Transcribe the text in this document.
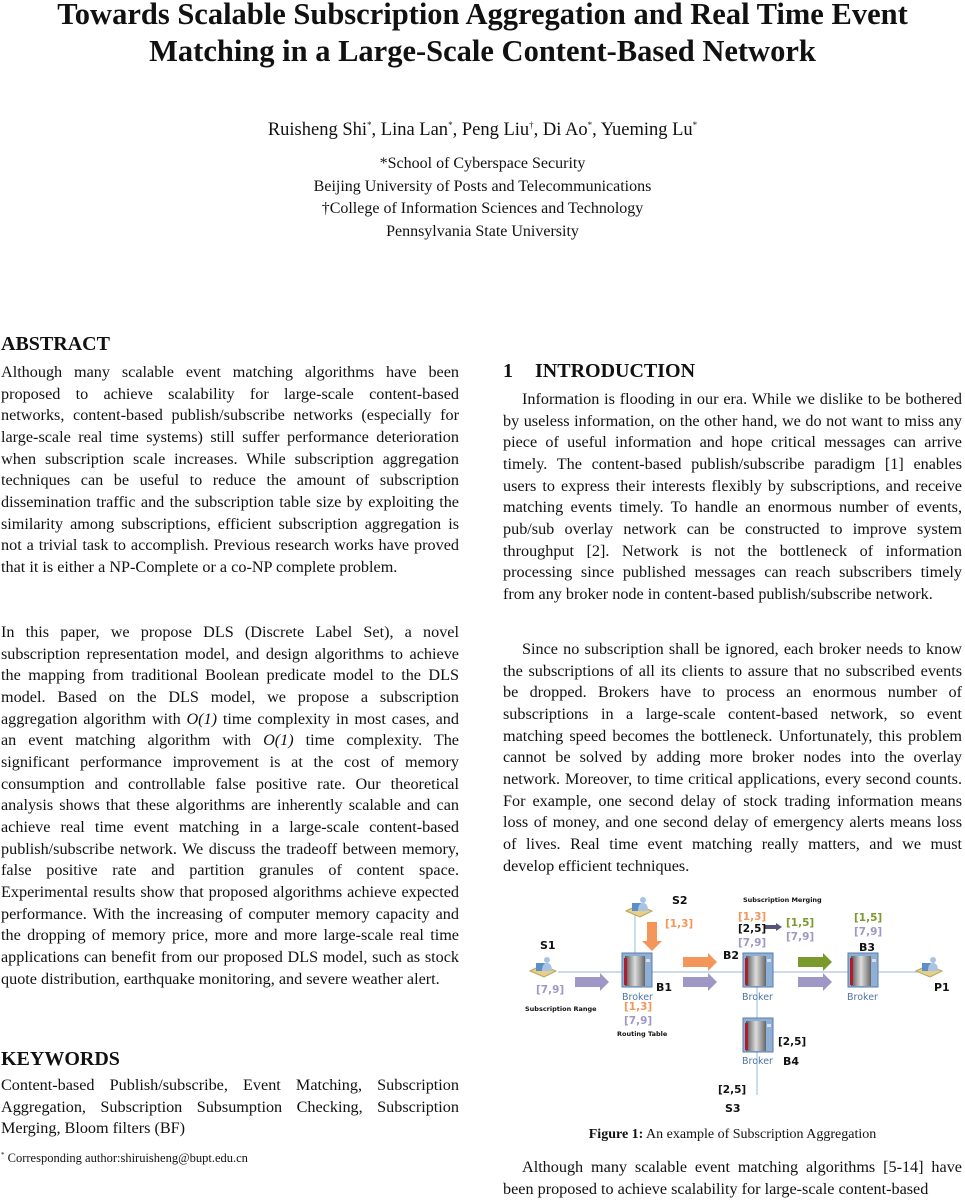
Towards Scalable Subscription Aggregation and Real Time Event
Matching in a Large-Scale Content-Based Network
Ruisheng Shi*, Lina Lan*, Peng Liu†, Di Ao*, Yueming Lu*
*School of Cyberspace Security
Beijing University of Posts and Telecommunications
†College of Information Sciences and Technology
Pennsylvania State University
ABSTRACT
Although many scalable event matching algorithms have been proposed to achieve scalability for large-scale content-based networks, content-based publish/subscribe networks (especially for large-scale real time systems) still suffer performance deterioration when subscription scale increases. While subscription aggregation techniques can be useful to reduce the amount of subscription dissemination traffic and the subscription table size by exploiting the similarity among subscriptions, efficient subscription aggregation is not a trivial task to accomplish. Previous research works have proved that it is either a NP-Complete or a co-NP complete problem.
In this paper, we propose DLS (Discrete Label Set), a novel subscription representation model, and design algorithms to achieve the mapping from traditional Boolean predicate model to the DLS model. Based on the DLS model, we propose a subscription aggregation algorithm with O(1) time complexity in most cases, and an event matching algorithm with O(1) time complexity. The significant performance improvement is at the cost of memory consumption and controllable false positive rate. Our theoretical analysis shows that these algorithms are inherently scalable and can achieve real time event matching in a large-scale content-based publish/subscribe network. We discuss the tradeoff between memory, false positive rate and partition granules of content space. Experimental results show that proposed algorithms achieve expected performance. With the increasing of computer memory capacity and the dropping of memory price, more and more large-scale real time applications can benefit from our proposed DLS model, such as stock quote distribution, earthquake monitoring, and severe weather alert.
KEYWORDS
Content-based Publish/subscribe, Event Matching, Subscription Aggregation, Subscription Subsumption Checking, Subscription Merging, Bloom filters (BF)
* Corresponding author:shiruisheng@bupt.edu.cn
1 INTRODUCTION
Information is flooding in our era. While we dislike to be bothered by useless information, on the other hand, we do not want to miss any piece of useful information and hope critical messages can arrive timely. The content-based publish/subscribe paradigm [1] enables users to express their interests flexibly by subscriptions, and receive matching events timely. To handle an enormous number of events, pub/sub overlay network can be constructed to improve system throughput [2]. Network is not the bottleneck of information processing since published messages can reach subscribers timely from any broker node in content-based publish/subscribe network.
Since no subscription shall be ignored, each broker needs to know the subscriptions of all its clients to assure that no subscribed events be dropped. Brokers have to process an enormous number of subscriptions in a large-scale content-based network, so event matching speed becomes the bottleneck. Unfortunately, this problem cannot be solved by adding more broker nodes into the overlay network. Moreover, to time critical applications, every second counts. For example, one second delay of stock trading information means loss of money, and one second delay of emergency alerts means loss of lives. Real time event matching really matters, and we must develop efficient techniques.
S1
S2
S3
P1
B1
B2
B3
B4
Subscription Range
Routing Table
Subscription Merging
Broker	Broker	Broker
Broker
[7,9]
[1,3]
[2,5]
[1,3]
[7,9]
[1,3]
[2,5]
[7,9]
[1,5]
[7,9]
[1,5]
[7,9]
[2,5]
Figure 1: An example of Subscription Aggregation
Although many scalable event matching algorithms [5-14] have been proposed to achieve scalability for large-scale content-based
